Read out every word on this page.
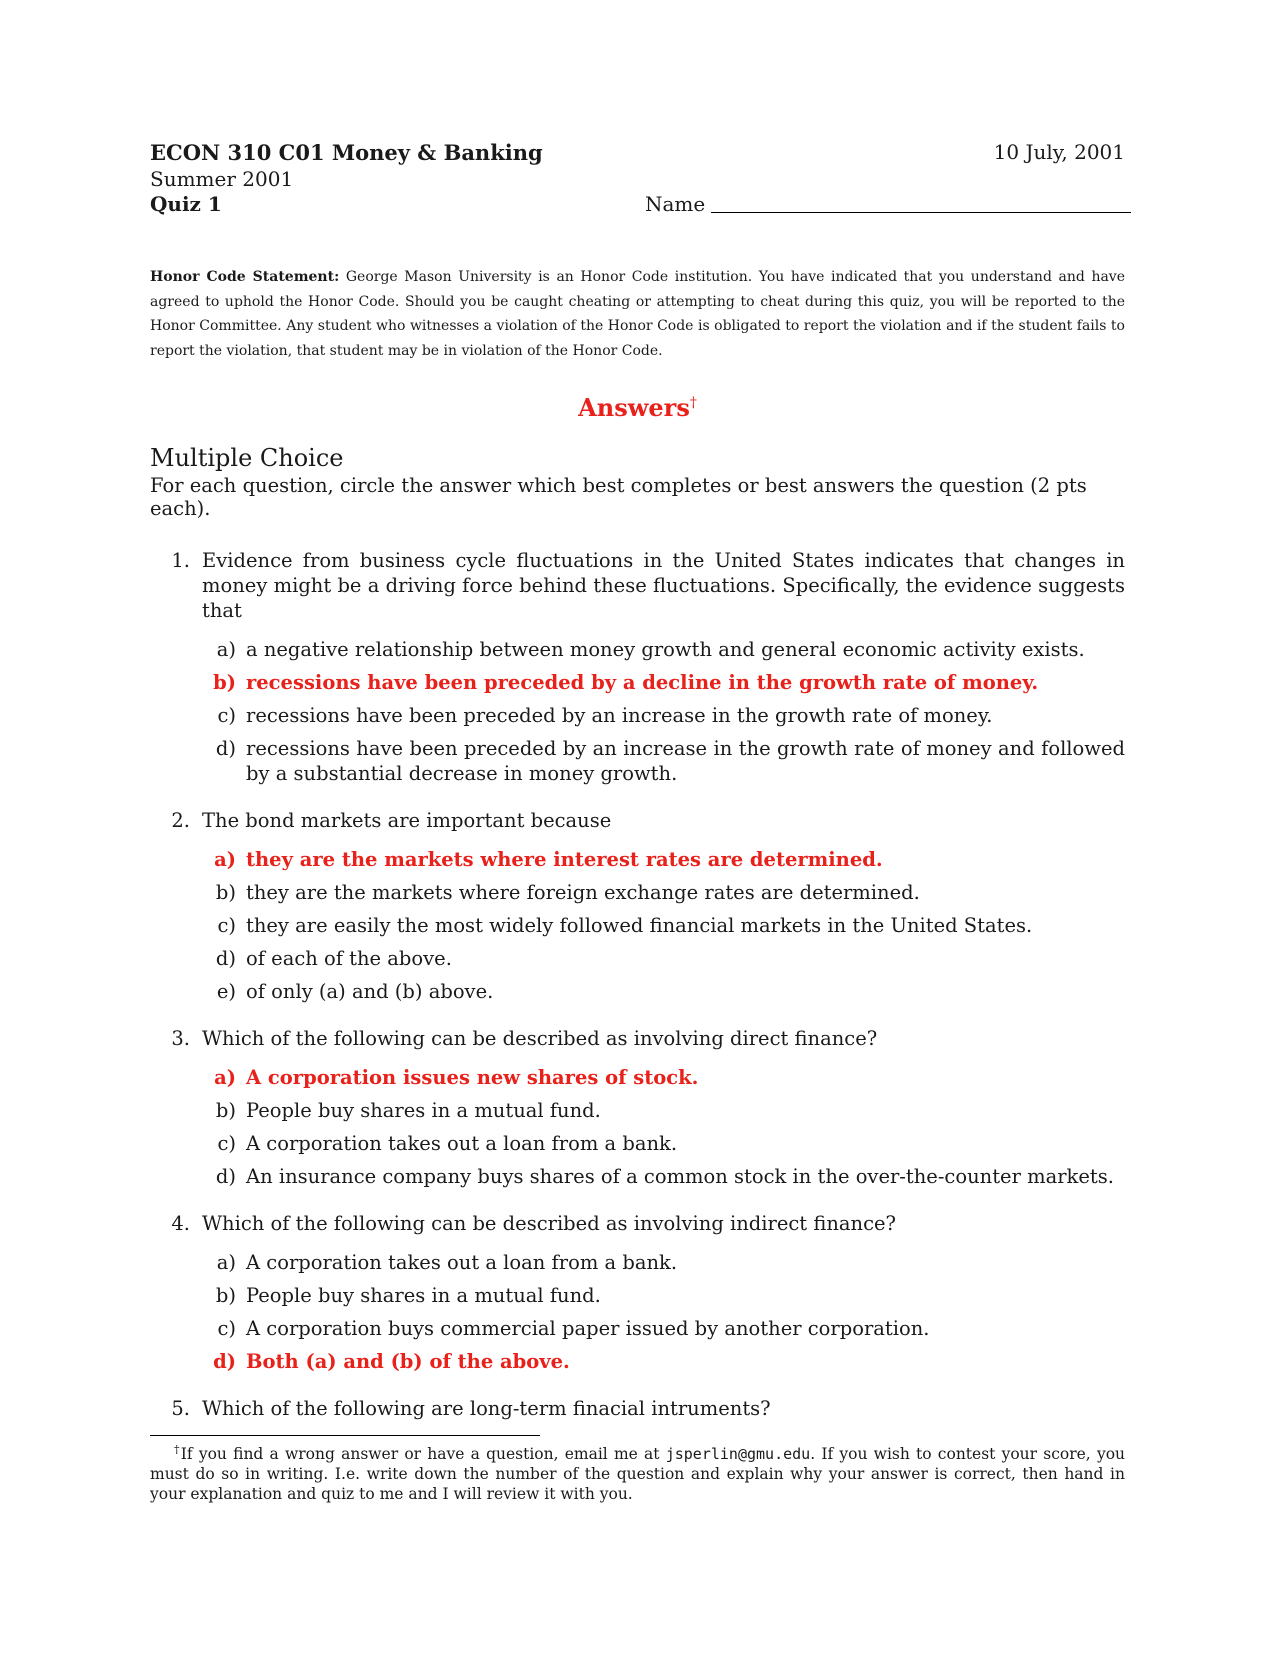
ECON 310 C01 Money & Banking
Summer 2001
Quiz 1
10 July, 2001
Name
Honor Code Statement: George Mason University is an Honor Code institution. You have indicated that you understand and have agreed to uphold the Honor Code. Should you be caught cheating or attempting to cheat during this quiz, you will be reported to the Honor Committee. Any student who witnesses a violation of the Honor Code is obligated to report the violation and if the student fails to report the violation, that student may be in violation of the Honor Code.
Answers†
Multiple Choice
For each question, circle the answer which best completes or best answers the question (2 pts each).
1. Evidence from business cycle fluctuations in the United States indicates that changes in money might be a driving force behind these fluctuations. Specifically, the evidence suggests that
a) a negative relationship between money growth and general economic activity exists.
b) recessions have been preceded by a decline in the growth rate of money.
c) recessions have been preceded by an increase in the growth rate of money.
d) recessions have been preceded by an increase in the growth rate of money and followed by a substantial decrease in money growth.
2. The bond markets are important because
a) they are the markets where interest rates are determined.
b) they are the markets where foreign exchange rates are determined.
c) they are easily the most widely followed financial markets in the United States.
d) of each of the above.
e) of only (a) and (b) above.
3. Which of the following can be described as involving direct finance?
a) A corporation issues new shares of stock.
b) People buy shares in a mutual fund.
c) A corporation takes out a loan from a bank.
d) An insurance company buys shares of a common stock in the over-the-counter markets.
4. Which of the following can be described as involving indirect finance?
a) A corporation takes out a loan from a bank.
b) People buy shares in a mutual fund.
c) A corporation buys commercial paper issued by another corporation.
d) Both (a) and (b) of the above.
5. Which of the following are long-term finacial intruments?
†If you find a wrong answer or have a question, email me at jsperlin@gmu.edu. If you wish to contest your score, you must do so in writing. I.e. write down the number of the question and explain why your answer is correct, then hand in your explanation and quiz to me and I will review it with you.
